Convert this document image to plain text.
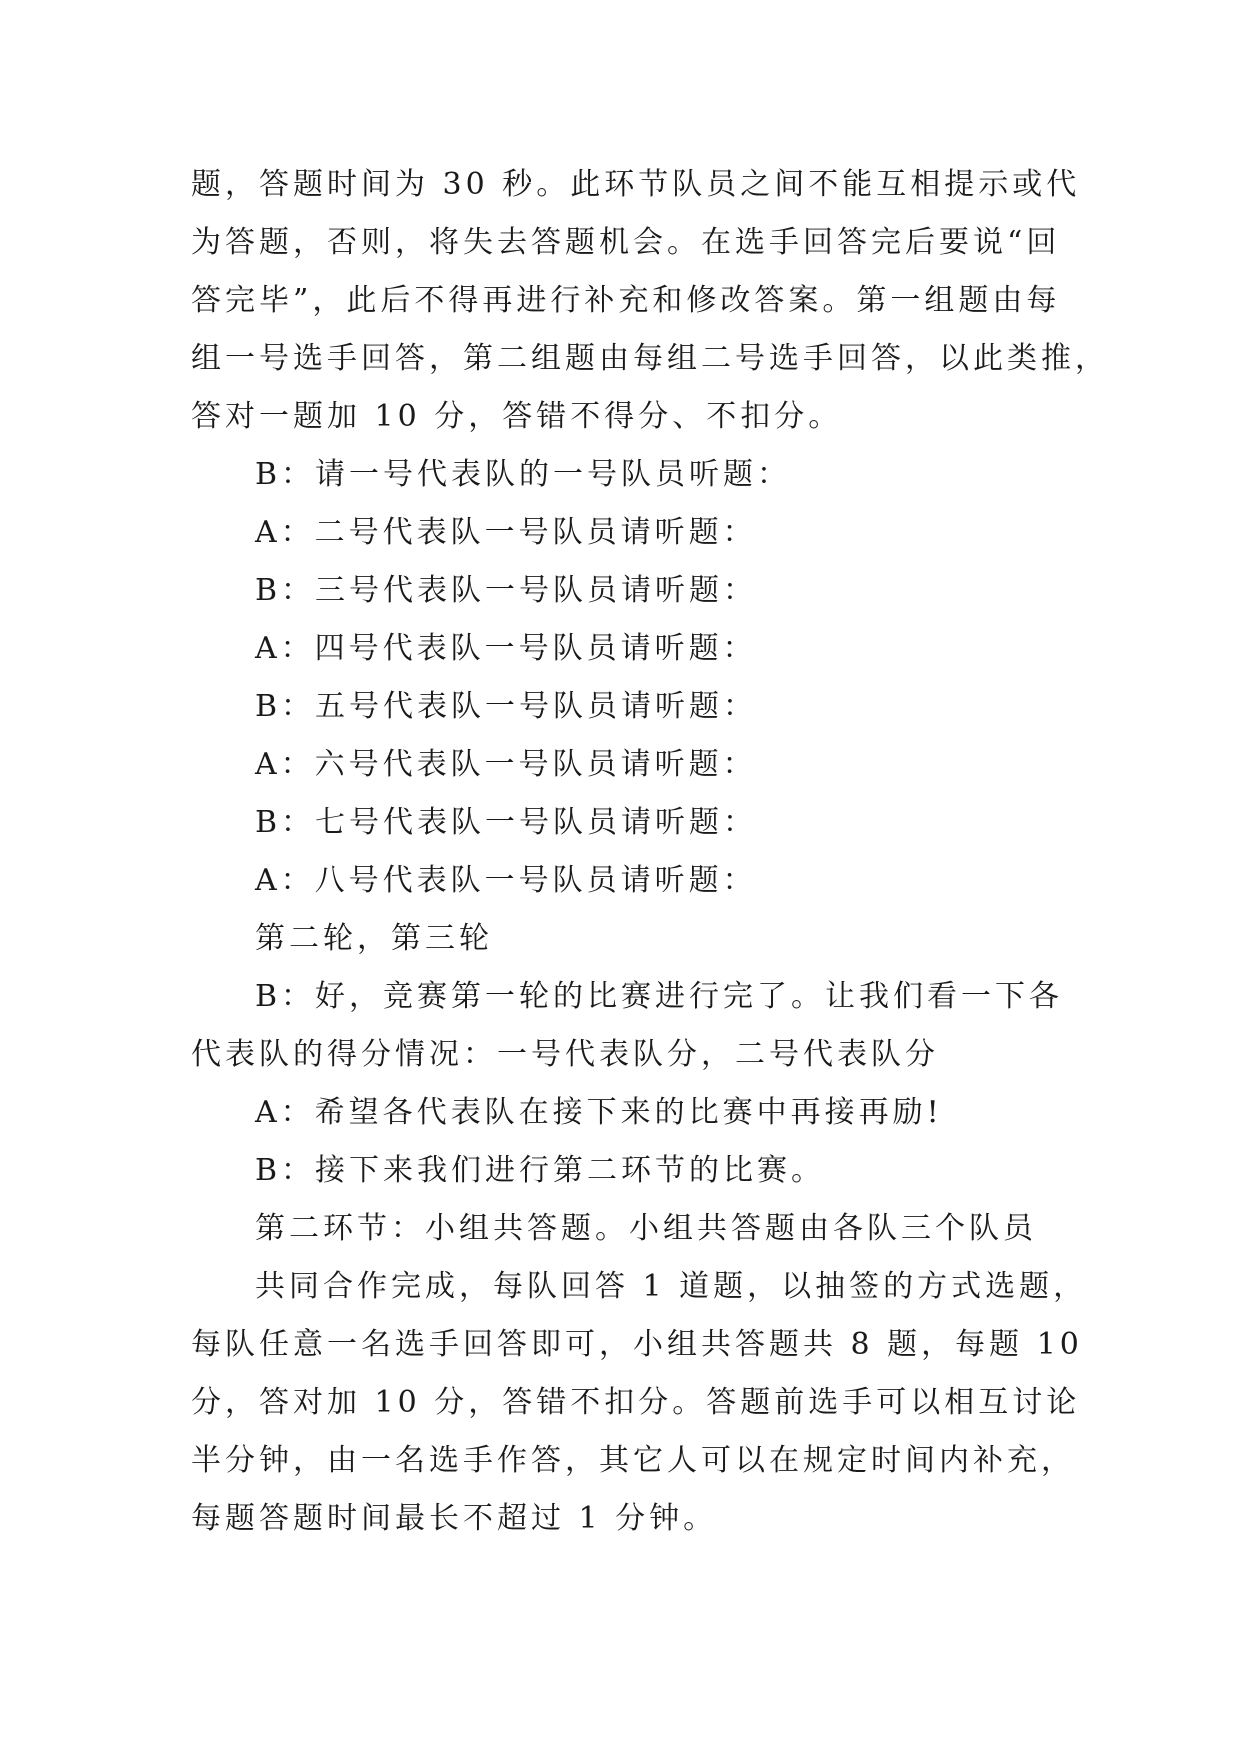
题，答题时间为 30 秒。此环节队员之间不能互相提示或代
为答题，否则，将失去答题机会。在选手回答完后要说“回
答完毕”，此后不得再进行补充和修改答案。第一组题由每
组一号选手回答，第二组题由每组二号选手回答，以此类推，
答对一题加 10 分，答错不得分、不扣分。
B：请一号代表队的一号队员听题：
A：二号代表队一号队员请听题：
B：三号代表队一号队员请听题：
A：四号代表队一号队员请听题：
B：五号代表队一号队员请听题：
A：六号代表队一号队员请听题：
B：七号代表队一号队员请听题：
A：八号代表队一号队员请听题：
第二轮，第三轮
B：好，竞赛第一轮的比赛进行完了。让我们看一下各
代表队的得分情况：一号代表队分，二号代表队分
A：希望各代表队在接下来的比赛中再接再励!
B：接下来我们进行第二环节的比赛。
第二环节：小组共答题。小组共答题由各队三个队员
共同合作完成，每队回答 1 道题，以抽签的方式选题，
每队任意一名选手回答即可，小组共答题共 8 题，每题 10
分，答对加 10 分，答错不扣分。答题前选手可以相互讨论
半分钟，由一名选手作答，其它人可以在规定时间内补充，
每题答题时间最长不超过 1 分钟。
